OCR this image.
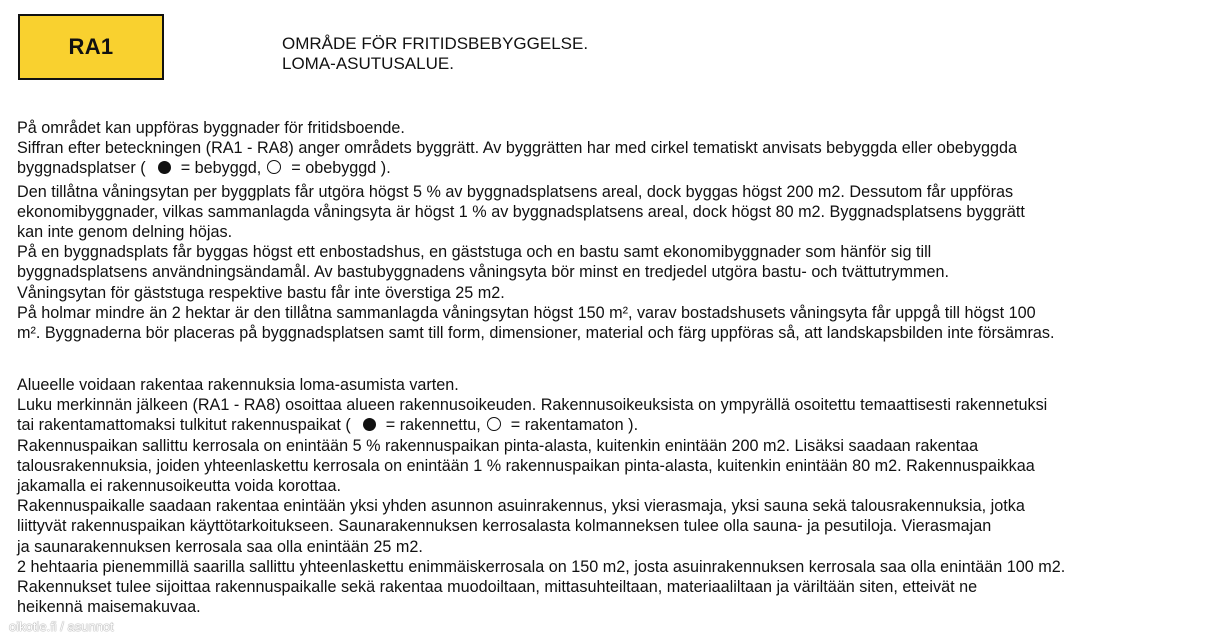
RA1	OMRÅDE FÖR FRITIDSBEBYGGELSE.
LOMA-ASUTUSALUE.

På området kan uppföras byggnader för fritidsboende.

Siffran efter beteckningen (RA1 - RA8) anger områdets byggrätt. Av byggrätten har med cirkel tematiskt anvisats bebyggda eller obebyggda

byggnadsplatser ( = bebyggd, = obebyggd ).

Den tillåtna våningsytan per byggplats får utgöra högst 5 % av byggnadsplatsens areal, dock byggas högst 200 m2. Dessutom får uppföras

ekonomibyggnader, vilkas sammanlagda våningsyta är högst 1 % av byggnadsplatsens areal, dock högst 80 m2. Byggnadsplatsens byggrätt

kan inte genom delning höjas.

På en byggnadsplats får byggas högst ett enbostadshus, en gäststuga och en bastu samt ekonomibyggnader som hänför sig till

byggnadsplatsens användningsändamål. Av bastubyggnadens våningsyta bör minst en tredjedel utgöra bastu- och tvättutrymmen.

Våningsytan för gäststuga respektive bastu får inte överstiga 25 m2.

På holmar mindre än 2 hektar är den tillåtna sammanlagda våningsytan högst 150 m², varav bostadshusets våningsyta får uppgå till högst 100

m². Byggnaderna bör placeras på byggnadsplatsen samt till form, dimensioner, material och färg uppföras så, att landskapsbilden inte försämras.

Alueelle voidaan rakentaa rakennuksia loma-asumista varten.

Luku merkinnän jälkeen (RA1 - RA8) osoittaa alueen rakennusoikeuden. Rakennusoikeuksista on ympyrällä osoitettu temaattisesti rakennetuksi

tai rakentamattomaksi tulkitut rakennuspaikat ( = rakennettu, = rakentamaton ).

Rakennuspaikan sallittu kerrosala on enintään 5 % rakennuspaikan pinta-alasta, kuitenkin enintään 200 m2. Lisäksi saadaan rakentaa

talousrakennuksia, joiden yhteenlaskettu kerrosala on enintään 1 % rakennuspaikan pinta-alasta, kuitenkin enintään 80 m2. Rakennuspaikkaa

jakamalla ei rakennusoikeutta voida korottaa.

Rakennuspaikalle saadaan rakentaa enintään yksi yhden asunnon asuinrakennus, yksi vierasmaja, yksi sauna sekä talousrakennuksia, jotka

liittyvät rakennuspaikan käyttötarkoitukseen. Saunarakennuksen kerrosalasta kolmanneksen tulee olla sauna- ja pesutiloja. Vierasmajan

ja saunarakennuksen kerrosala saa olla enintään 25 m2.

2 hehtaaria pienemmillä saarilla sallittu yhteenlaskettu enimmäiskerrosala on 150 m2, josta asuinrakennuksen kerrosala saa olla enintään 100 m2.

Rakennukset tulee sijoittaa rakennuspaikalle sekä rakentaa muodoiltaan, mittasuhteiltaan, materiaaliltaan ja väriltään siten, etteivät ne

heikennä maisemakuvaa.

oikotie.fi / asunnot
